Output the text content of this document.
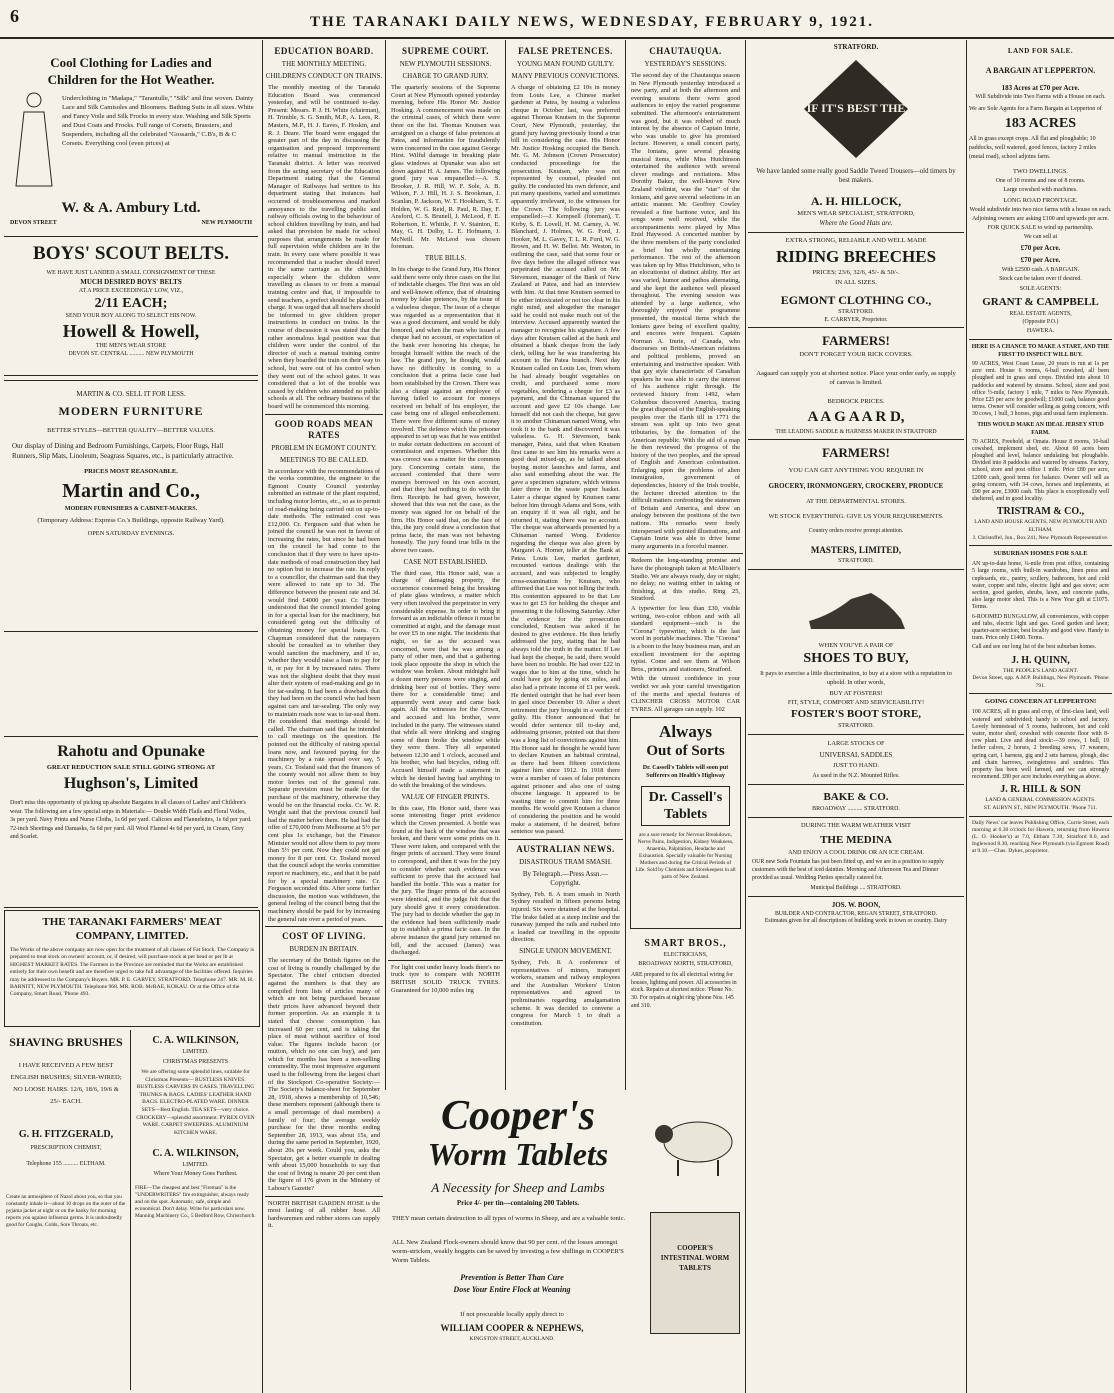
6	THE TARANAKI DAILY NEWS, WEDNESDAY, FEBRUARY 9, 1921.
Cool Clothing for Ladies and Children for the Hot Weather.
Underclothing in "Madapa," "Tarantulle," "Silk" and fine woven. Dainty Lace and Silk Camisoles and Bloomers. Bathing Suits in all sizes. White and Fancy Voile and Silk Frocks in every size. Washing and Silk Sports and Dust Coats and Frocks. Full range of Corsets, Brassiers, and Suspenders, including all the celebrated "Gossards," C.B's, B & C Corsets. Everything cool (even prices) at
W. & A. Ambury Ltd.
DEVON STREET	NEW PLYMOUTH
BOYS' SCOUT BELTS.
WE HAVE JUST LANDED A SMALL CONSIGNMENT OF THESE
MUCH DESIRED BOYS' BELTS
AT A PRICE EXCEEDINGLY LOW, VIZ.,
2/11 EACH;
SEND YOUR BOY ALONG TO SELECT HIS NOW.
Howell & Howell,
THE MEN'S WEAR STORE
DEVON ST. CENTRAL .......... NEW PLYMOUTH
MARTIN & CO. SELL IT FOR LESS.
MODERN FURNITURE
BETTER STYLES—BETTER QUALITY—BETTER VALUES.
Our display of Dining and Bedroom Furnishings, Carpets, Floor Rugs, Hall Runners, Slip Mats, Linoleum, Seagrass Squares, etc., is particularly attractive.
PRICES MOST REASONABLE.
Martin and Co.,
MODERN FURNISHERS & CABINET-MAKERS.
(Temporary Address: Express Co.'s Buildings, opposite Railway Yard).
OPEN SATURDAY EVENINGS.
Rahotu and Opunake
GREAT REDUCTION SALE STILL GOING STRONG AT
Hughson's, Limited
Don't miss this opportunity of picking up absolute Bargains in all classes of Ladies' and Children's wear. The following are a few special snips in Materials:— Double Width Flails and Floral Voiles, 3s per yard. Navy Prints and Nurse Cloths, 1s 6d per yard. Calicoes and Flannelettes, 1s 6d per yard. 72-inch Sheetings and Damasks, 5s 6d per yard. All Wool Flannel 4s 6d per yard, in Cream, Grey and Scarlet.
THE TARANAKI FARMERS' MEAT COMPANY, LIMITED.
The Works of the above company are now open for the treatment of all classes of Fat Stock. The Company is prepared to treat stock on owners' account, or, if desired, will purchase stock at per head or per lb at HIGHEST MARKET RATES. The Farmers in the Province are reminded that the Works are established entirely for their own benefit and are therefore urged to take full advantage of the facilities offered. Inquiries may be addressed to the Company's Buyers. MR. P. E. GARVEY, STRATFORD. Telephone 247. MR. M. H. BARNITT, NEW PLYMOUTH. Telephone 968. MR. ROB. McRAE, KOKAU. Or at the Office of the Company, Smart Road, 'Phone 493.
SHAVING BRUSHES
I HAVE RECEIVED A FEW BEST ENGLISH BRUSHES; SILVER-WIRED; NO LOOSE HAIRS. 12/6, 18/6, 19/6 & 25/- EACH.
G. H. FITZGERALD,
PRESCRIPTION CHEMIST,
Telephone 155 .......... ELTHAM.
Create an atmosphere of Nazol about you, so that you constantly inhale it—about 10 drops on the outer of the pyjama jacket at night or on the hanky for morning reports you against influenza germs. It is undoubtedly good for Coughs, Colds, Sore Throats, etc.
C. A. WILKINSON,
LIMITED.
CHRISTMAS PRESENTS
We are offering some splendid lines, suitable for Christmas Presents— RUSTLESS KNIVES. RUSTLESS CARVERS IN CASES. TRAVELLING TRUNKS & BAGS. LADIES' LEATHER HAND BAGS. ELECTRO-PLATED WARE. DINNER SETS—Best English. TEA SETS—very choice. CROCKERY—splendid assortment. PYREX OVEN WARE. CARPET SWEEPERS. ALUMINIUM KITCHEN WARE.
C. A. WILKINSON,
LIMITED.
Where Your Money Goes Furthest.
FIRE—The cheapest and best "Fireman" is the "UNDERWRITERS" fire extinguisher, always ready and on the spot. Automatic, safe, simple and economical. Don't delay. Write for particulars now. Manning Machinery Co., 5 Bedford Row, Christchurch.
EDUCATION BOARD.
THE MONTHLY MEETING.
CHILDREN'S CONDUCT ON TRAINS.
The monthly meeting of the Taranaki Education Board was commenced yesterday, and will be continued to-day. Present: Messrs. P. J. H. White (chairman), H. Trimble, S. G. Smith, M.P., A. Lees, R. Masters, M.P., H. J. Eaves, F. Hoskin, and R. J. Deare. The board were engaged the greater part of the day in discussing the organisation and proposed improvement relative to manual instruction in the Taranaki district. A letter was received from the acting secretary of the Education Department stating that the General Manager of Railways had written to his department stating that instances had occurred of troublesomeness and marked annoyance to the travelling public and railway officials owing to the behaviour of school children travelling by train, and had asked that provision be made for school purposes that arrangements be made for full supervision while children are in the train. In every case where possible it was recommended that a teacher should travel in the same carriage as the children, especially where the children were travelling as classes to or from a manual training centre and that, if impossible to send teachers, a prefect should be placed in charge. It was urged that all teachers should be informed to give children proper instructions in conduct on trains. In the course of discussion it was stated that the rather anomalous legal position was that children were under the control of the director of such a manual training centre when they boarded the train on their way to school, but were out of his control when they went out of the school gates. It was considered that a lot of the trouble was caused by children who attended no public schools at all. The ordinary business of the board will be commenced this morning.
GOOD ROADS MEAN RATES
PROBLEM IN EGMONT COUNTY.
MEETINGS TO BE CALLED.
In accordance with the recommendations of the works committee, the engineer to the Egmont County Council yesterday submitted an estimate of the plant required, including motor lorries, etc., so as to permit of road-making being carried out on up-to-date methods. The estimated cost was £12,000. Cr. Ferguson said that when he joined the council he was not in favour of increasing the rates, but since he had been on the council he had come to the conclusion that if they were to have up-to-date methods of road construction they had no option but to increase the rate. In reply to a councillor, the chairman said that they were allowed to rate up to 3d. The difference between the present rate and 3d. would find £4000 per year. Cr. Trotter understood that the council intended going in for a special loan for the machinery, but considered going out the difficulty of obtaining money for special loans. Cr. Chapman considered that the ratepayers should be consulted as to whether they would sanction the machinery, and if so, whether they would raise a loan to pay for it, or pay for it by increased rates. There was not the slightest doubt that they must alter their system of road-making and go in for tar-sealing. It had been a drawback that they had been on the council who had been against cars and tar-sealing. The only way to maintain roads now was to tar-seal them. He considered that meetings should be called. The chairman said that he intended to call meetings on the question. He pointed out the difficulty of raising special loans now, and favoured paying for the machinery by a rate spread over say, 5 years. Cr. Tosland said that the finances of the county would not allow them to buy motor lorries out of the general rate. Separate provision must be made for the purchase of the machinery, otherwise they would be on the financial rocks. Cr. W. R. Wright said that the previous council had had the matter before them. He had had the offer of £70,000 from Melbourne at 5½ per cent plus 1s exchange, but the Finance Minister would not allow them to pay more than 5½ per cent. Now they could not get money for 8 per cent. Cr. Tosland moved that the council adopt the works committee report re machinery, etc., and that it be paid for by a special machinery rate. Cr. Ferguson seconded this. After some further discussion, the motion was withdrawn, the general feeling of the council being that the machinery should be paid for by increasing the general rate over a period of years.
COST OF LIVING.
BURDEN IN BRITAIN.
The secretary of the British figures on the cost of living is roundly challenged by the Spectator. The chief criticism directed against the numbers is that they are compiled from lists of articles many of which are not being purchased because their prices have advanced beyond their former proportion. As an example it is stated that cheese consumption has increased 60 per cent, and is taking the place of meat without sacrifice of food value. The figures include bacon (or mutton, which no one can buy), and jam which for months has been a non-selling commodity. The most impressive argument used is the following from the largest chart of the Stockport Co-operative Society:—The Society's balance-sheet for September 28, 1918, shows a membership of 10,546; these members represent (although there is a small percentage of dual members) a family of four; the average weekly purchase for the three months ending September 28, 1913, was about 15s, and during the same period in September, 1920, about 20s per week. Could you, asks the Spectator, get a better example in dealing with about 15,000 households to say that the cost of living is nearer 20 per cent than the figure of 176 given in the Ministry of Labour's Gazette?
NORTH BRITISH GARDEN HOSE is the most lasting of all rubber hose. All hardwaremen and rubber stores can supply it.
SUPREME COURT.
NEW PLYMOUTH SESSIONS.
CHARGE TO GRAND JURY.
The quarterly sessions of the Supreme Court at New Plymouth opened yesterday morning, before His Honor Mr. Justice Hosking. A commencement was made on the criminal cases, of which there were three on the list. Thomas Knutsen was arraigned on a charge of false pretences at Patea, and information for fraudulently were concerned in the case against George Hirst. Wilful damage in breaking plate glass windows at Opunake was also set down against H. A. James. The following grand jury was empanelled:—A. S. Brooker, J. R. Hill, W. F. Sole, A. B. Wilson, F. J. Hill, H. J. S. Brookman, J. Scanlan, P. Jackson, W. T. Hookham, S. T. Holden, W. G. Reid, R. Paul, R. Day, F. Ansford, C. S. Brunell, J. McLeod, F. E. Robertson, E. Whittle, F. V. Stainton, E. May, G. H. Dolby, L. E. Hofmann, J. McNeill. Mr. McLeod was chosen foreman.
TRUE BILLS.
In his charge to the Grand Jury, His Honor said there were only three cases on the list of indictable charges. The first was an old and well-known offence, that of obtaining money by false pretences, by the issue of a valueless cheque. The issue of a cheque was regarded as a representation that it was a good document, and would be duly honored, and when the man who issued a cheque had no account, or expectation of the bank ever honoring his cheque, he brought himself within the reach of the law. The grand jury, he thought, would have no difficulty in coming to a conclusion that a prima facie case had been established by the Crown. There was also a charge against an employee of having failed to account for moneys received on behalf of his employer, the case being one of alleged embezzlement. There were five different sums of money involved. The defence which the prisoner appeared to set up was that he was entitled to make certain deductions on account of commission and expenses. Whether this was correct was a matter for the common jury. Concerning certain sums, the accused contended that there were moneys borrowed on his own account, and that they had nothing to do with the firm. Receipts he had given, however, showed that this was not the case, as the money was signed for on behalf of the firm. His Honor said that, on the face of this, the jury could draw a conclusion that prima facie, the man was not behaving honestly. The jury found true bills in the above two cases.
CASE NOT ESTABLISHED.
The third case, His Honor said, was a charge of damaging property, the occurrence concerned being the breaking of plate glass windows, a matter which very often involved the perpetrator in very considerable expense. In order to bring it forward as an indictable offence it must be committed at night, and the damage must be over £5 in one night. The incidents that night, so far as the accused was concerned, were that he was among a party of other men, and that a gathering took place opposite the shop in which the window was broken. About midnight half a dozen merry persons were singing, and drinking beer out of bottles. They were there for a considerable time; and apparently went away and came back again. All the witnesses for the Crown, and accused and his brother, were included in the party. The witnesses stated that while all were drinking and singing some of them broke the window while they were there. They all separated between 12.30 and 1 o'clock, accused and his brother, who had bicycles, riding off. Accused himself made a statement in which he denied having had anything to do with the breaking of the windows.
VALUE OF FINGER PRINTS.
In this case, His Honor said, there was some interesting finger print evidence which the Crown presented. A bottle was found at the back of the window that was broken, and there were some prints on it. These were taken, and compared with the finger prints of accused. They were found to correspond, and then it was for the jury to consider whether such evidence was sufficient to prove that the accused had handled the bottle. This was a matter for the jury. The finger prints of the accused were identical, and the judge felt that the jury should give it every consideration. The jury had to decide whether the gap in the evidence had been sufficiently made up to establish a prima facie case. In the above instance the grand jury returned no bill, and the accused (James) was discharged.
For light cost under heavy loads there's no truck tyre to compare with NORTH BRITISH SOLID TRUCK TYRES. Guaranteed for 10,000 miles ing
FALSE PRETENCES.
YOUNG MAN FOUND GUILTY.
MANY PREVIOUS CONVICTIONS.
A charge of obtaining £2 10s in money from Louis Lee, a Chinese market gardener at Patea, by issuing a valueless cheque in October last, was preferred against Thomas Knutsen in the Supreme Court, New Plymouth, yesterday, the grand jury having previously found a true bill in considering the case. His Honor Mr. Justice Hosking occupied the Bench. Mr. G. M. Johnson (Crown Prosecutor) conducted proceedings for the prosecution. Knutsen, who was not represented by counsel, pleaded not guilty. He conducted his own defence, and put many questions, varied and sometimes apparently irrelevant, to the witnesses for the Crown. The following jury was empanelled:—J. Kempsell (foreman), T. Kirby, S. E. Lovell, H. M. Carney, A. W. Blanchard, J. Holmes, W. G. Ford, J. Hooker, M. L. Gavey, T. L. R. Ford, W. G. Brown, and H. W. Bellot. Mr. Weston, in outlining the case, said that some four or five days before the alleged offence was perpetrated the accused called on Mr. Stevenson, manager of the Bank of New Zealand at Patea, and had an interview with him. At that time Knutsen seemed to be either intoxicated or not too clear in his right mind, and altogether the manager said he could not make much out of the interview. Accused apparently wanted the manager to recognise his signature. A few days after Knutsen called at the bank and obtained a blank cheque from the lady clerk, telling her he was transferring his account to the Patea branch. Next day Knutsen called on Louis Lee, from whom he had already bought vegetables on credit, and purchased some more vegetables, tendering a cheque for £3 as payment, and the Chinaman squared the account and gave £2 10s change. Lee himself did not cash the cheque, but gave it to another Chinaman named Wong, who took it to the bank and discovered it was valueless. G. H. Stevenson, bank manager, Patea, said that when Knutsen first came to see him his remarks were a good deal mixed-up, as he talked about buying motor launches and farms, and also said something about the war. He gave a specimen signature, which witness later threw in the waste paper basket. Later a cheque signed by Knutsen came before him through Adams and Sons, with an enquiry if it was all right, and he returned it, stating there was no account. The cheque was afterwards presented by a Chinaman named Wong. Evidence regarding the cheque was also given by Margaret A. Horner, teller at the Bank at Patea. Louis Lee, market gardener, recounted various dealings with the accused, and was subjected to lengthy cross-examination by Knutsen, who affirmed that Lee was not telling the truth. His contention appeared to be that Lee was to get £3 for holding the cheque and presenting it the following Saturday. After the evidence for the prosecution concluded, Knutsen was asked if he desired to give evidence. He then briefly addressed the jury, stating that he had always told the truth in the matter. If Lee had kept the cheque, he said, there would have been no trouble. He had over £22 in wages due to him at the time, which he could have got by going six miles, and also had a private income of £1 per week. He denied outright that he had ever been in gaol since December 19. After a short retirement the jury brought in a verdict of guilty. His Honor announced that he would defer sentence till to-day and, addressing prisoner, pointed out that there was a long list of convictions against him. His Honor said he thought he would have to declare Knutsen an habitual criminal, as there had been fifteen convictions against him since 1912. In 1918 there were a number of cases of false pretences against prisoner and also one of using obscene language. It appeared to be wasting time to commit him for three months. He would give Knutsen a chance of considering the position and he would make a statement, if he desired, before sentence was passed.
AUSTRALIAN NEWS.
DISASTROUS TRAM SMASH.
By Telegraph.—Press Assn.—Copyright.
Sydney, Feb. 8. A tram smash in North Sydney resulted in fifteen persons being injured. Six were detained at the hospital. The brake failed at a steep incline and the runaway jumped the rails and rushed into a loaded car travelling in the opposite direction.
SINGLE UNION MOVEMENT.
Sydney, Feb. 8. A conference of representatives of miners, transport workers, seamen and railway employees and the Australian Workers' Union representatives and agreed to preliminaries regarding amalgamation scheme. It was decided to convene a congress for March 1 to draft a constitution.
CHAUTAUQUA.
YESTERDAY'S SESSIONS.
The second day of the Chautauqua season in New Plymouth yesterday introduced a new party, and at both the afternoon and evening sessions there were good audiences to enjoy the varied programme submitted. The afternoon's entertainment was good, but it was robbed of much interest by the absence of Captain Imrie, who was unable to give his promised lecture. However, a small concert party, The Ionians, gave several pleasing musical items, while Miss Hutchinson entertained the audience with several clever readings and recitations. Miss Dorothy Baker, the well-known New Zealand violinist, was the "star" of the Ionians, and gave several selections in an artistic manner. Mr. Geoffrey Cowley revealed a fine baritone voice, and his songs were well received, while the accompaniments were played by Miss Enid Haywood. A concerted number by the three members of the party concluded a brief but wholly entertaining performance. The rest of the afternoon was taken up by Miss Hutchinson, who is an elocutionist of distinct ability. Her art was varied, humor and pathos alternating, and she kept the audience well pleased throughout. The evening session was attended by a large audience, who thoroughly enjoyed the programme presented, the musical items which the Ionians gave being of excellent quality, and encores were frequent. Captain Norman A. Imrie, of Canada, who discourses on British-American relations and political problems, proved an entertaining and instructive speaker. With that gay style characteristic of Canadian speakers he was able to carry the interest of his audience right through. He reviewed history from 1492, when Columbus discovered America, tracing the great dispersal of the English-speaking peoples over the Earth till in 1771 the stream was split up into two great tributaries, by the formation of the American republic. With the aid of a map he then reviewed the progress of the history of the two peoples, and the spread of English and American colonisation. Enlarging upon the problems of alien immigration, government of dependencies, history of the Irish trouble, the lecturer directed attention to the difficult matters confronting the statesmen of Britain and America, and drew an analogy between the positions of the two nations. His remarks were freely interspersed with pointed illustrations, and Captain Imrie was able to drive home many arguments in a forceful manner.
Redeem the long-standing promise and have the photograph taken at McAllister's Studio. We are always ready, day or night; no delay; no waiting either in taking or finishing, at this studio. Ring 25, Stratford.
A typewriter for less than £30, visible writing, two-color ribbon and with all standard equipment—such is the "Corona" typewriter, which is the last word in portable machines. The "Corona" is a boon to the busy business man, and an excellent investment for the aspiring typist. Come and see them at Wilson Bros., printers and stationers, Stratford.
With the utmost confidence in your verdict we ask your careful investigation of the merits and special features of CLINCHER CROSS MOTOR CAR TYRES. All garages can supply. 102
Always
Out of Sorts
Dr. Cassell's Tablets will soon put Sufferers on Health's Highway
Dr. Cassell's Tablets
are a sure remedy for Nervous Breakdown, Nerve Pains, Indigestion, Kidney Weakness, Anaemia, Palpitation, Headache and Exhaustion. Specially valuable for Nursing Mothers and during the Critical Periods of Life. Sold by Chemists and Storekeepers in all parts of New Zealand.
SMART BROS.,
ELECTRICIANS,
BROADWAY NORTH, STRATFORD,
ARE prepared to fix all electrical wiring for houses, lighting and power. All accessories in stock. Repairs at shortest notice. 'Phone No. 30. For repairs at night ring 'phone Nos. 145 and 310.
Cooper's
Worm Tablets
A Necessity for Sheep and Lambs
Price 4/- per tin—containing 200 Tablets.
THEY mean certain destruction to all types of worms in Sheep, and are a valuable tonic.
ALL New Zealand Flock-owners should know that 90 per cent. of the losses amongst worm-stricken, weakly hoggets can be saved by investing a few shillings in COOPER'S Worm Tablets.
Prevention is Better Than Cure
Dose Your Entire Flock at Weaning
If not procurable locally apply direct to
WILLIAM COOPER & NEPHEWS,
KINGSTON STREET, AUCKLAND.
COOPER'S INTESTINAL WORM TABLETS
STRATFORD.
IF IT'S BEST THE
We have landed some really good Saddle Tweed Trousers—old timers by best makers.
A. H. HILLOCK,
MEN'S WEAR SPECIALIST, STRATFORD,
Where the Good Hats are.
EXTRA STRONG, RELIABLE AND WELL MADE
RIDING BREECHES
PRICES: 23/6, 32/6, 45/- & 50/-.
IN ALL SIZES.
EGMONT CLOTHING CO.,
STRATFORD.
E. CARRYER, Proprietor.
FARMERS!
DON'T FORGET YOUR RICK COVERS.
Aagaard can supply you at shortest notice. Place your order early, as supply of canvas is limited.
BEDROCK PRICES.
A A G A A R D,
THE LEADING SADDLE & HARNESS MAKER IN STRATFORD
FARMERS!
YOU CAN GET ANYTHING YOU REQUIRE IN
GROCERY, IRONMONGERY, CROCKERY, PRODUCE
AT THE DEPARTMENTAL STORES.
WE STOCK EVERYTHING. GIVE US YOUR REQUIREMENTS.
Country orders receive prompt attention.
MASTERS, LIMITED,
STRATFORD.
WHEN YOU'VE A PAIR OF
SHOES TO BUY,
It pays to exercise a little discrimination, to buy at a store with a reputation to uphold. In other words,
BUY AT FOSTERS!
FIT, STYLE, COMFORT AND SERVICEABILITY!
FOSTER'S BOOT STORE,
STRATFORD.
LARGE STOCKS OF
UNIVERSAL SADDLES
JUST TO HAND.
As used in the N.Z. Mounted Rifles.
BAKE & CO.
BROADWAY .......... STRATFORD.
DURING THE WARM WEATHER VISIT
THE MEDINA
AND ENJOY A COOL DRINK OR AN ICE CREAM.
OUR new Soda Fountain has just been fitted up, and we are in a position to supply customers with the best of iced dainties. Morning and Afternoon Tea and Dinner provided as usual. Wedding Parties specially catered for.
Municipal Buildings .... STRATFORD.
JOS. W. BOON,
BUILDER AND CONTRACTOR, REGAN STREET, STRATFORD.
Estimates given for all descriptions of building work in town or country. Dairy
LAND FOR SALE.
A BARGAIN AT LEPPERTON.
183 Acres at £70 per Acre.
Will Subdivide into Two Farms with a House on each.
We are Sole Agents for a Farm Bargain at Lepperton of
183 ACRES
All in grass except crops. All flat and ploughable; 10 paddocks, well watered, good fences, factory 2 miles (metal road), school adjoins farm.
TWO DWELLINGS.
One of 10 rooms and one of 8 rooms.
Large cowshed with machines.
LONG ROAD FRONTAGE.
Would subdivide into two nice farms with a house on each.
Adjoining owners are asking £100 and upwards per acre.
FOR QUICK SALE to wind up partnership.
We can sell at
£70 per Acre.
£70 per Acre.
With £2500 cash. A BARGAIN.
Stock can be taken over if desired.
SOLE AGENTS:
GRANT & CAMPBELL
REAL ESTATE AGENTS,
(Opposite P.O.)
HAWERA.
HERE IS A CHANCE TO MAKE A START, AND THE FIRST TO INSPECT WILL BUY.
99 ACRES, West Coast Lease, 20 years to run at 1s per acre rent. House 6 rooms, 6-bail cowshed, all been ploughed and in grass and crops. Divided into about 10 paddocks and watered by streams. School, store and post office ½-mile, factory 1 mile, 7 miles to New Plymouth. Price £25 per acre for goodwill; £1000 cash, balance good terms. Owner will consider selling as going concern, with 30 cows, 1 bull, 3 horses, pigs and usual farm implements.
THIS WOULD MAKE AN IDEAL JERSEY STUD FARM.
70 ACRES, Freehold, at Omata. House 8 rooms, 10-bail cowshed, implement shed, etc. About 60 acres been ploughed and level, balance undulating but ploughable. Divided into 8 paddocks and watered by streams. Factory, school, store and post office 1 mile. Price £80 per acre, £2000 cash, good terms for balance. Owner will sell as going concern, with 34 cows, horses and implements, at £90 per acre, £3000 cash. This place is exceptionally well sheltered, and in good locality.
TRISTRAM & CO.,
LAND AND HOUSE AGENTS, NEW PLYMOUTH AND ELTHAM.
J. Christoffel, Jun., Box 241, New Plymouth Representative.
SUBURBAN HOMES FOR SALE
AN up-to-date home, ¼-mile from post office, containing 5 large rooms, with built-in wardrobes, linen press and cupboards, etc., pantry, scullery, bathroom, hot and cold water, copper and tubs, electric light and gas stove; acre section, good garden, shrubs, lawn, and concrete paths, also large motor shed. This is a New Year gift at £1075. Terms.
6-ROOMED BUNGALOW, all conveniences, with copper and tubs, electric light and gas. Good garden and lawn; quarter-acre section; best locality and good view. Handy to tram. Price only £1400. Terms.
Call and see our long list of the best suburban homes.
J. H. QUINN,
THE PEOPLE'S LAND AGENT.
Devon Street, opp. A.M.P. Buildings, New Plymouth. 'Phone 791.
GOING CONCERN AT LEPPERTON!
100 ACRES, all in grass and crop, of first-class land, well watered and subdivided; handy to school and factory. Lovely homestead of 5 rooms, bathroom, hot and cold water, motor shed, cowshed with concrete floor with 8-cow plant. Live and dead stock:—39 cows, 1 bull, 19 heifer calves, 2 horses, 2 breeding sows, 17 weaners, spring cart, 1 harness, gig and 2 sets harness, plough, disc and chain harrows, swingletrees and sundries. This property has been well farmed, and we can strongly recommend. £80 per acre includes everything as above.
J. R. HILL & SON
LAND & GENERAL COMMISSION AGENTS.
ST. AUBYN ST., NEW PLYMOUTH. 'Phone 711.
Daily News' car leaves Publishing Office, Currie Street, each morning at 6.30 o'clock for Hawera, returning from Hawera (L. O. Hooker's) at 7.0, Eltham 7.30, Stratford 8.0, and Inglewood 8.30, reaching New Plymouth (via Egmont Road) at 9.10.—Chas. Dykes, proprietor.
